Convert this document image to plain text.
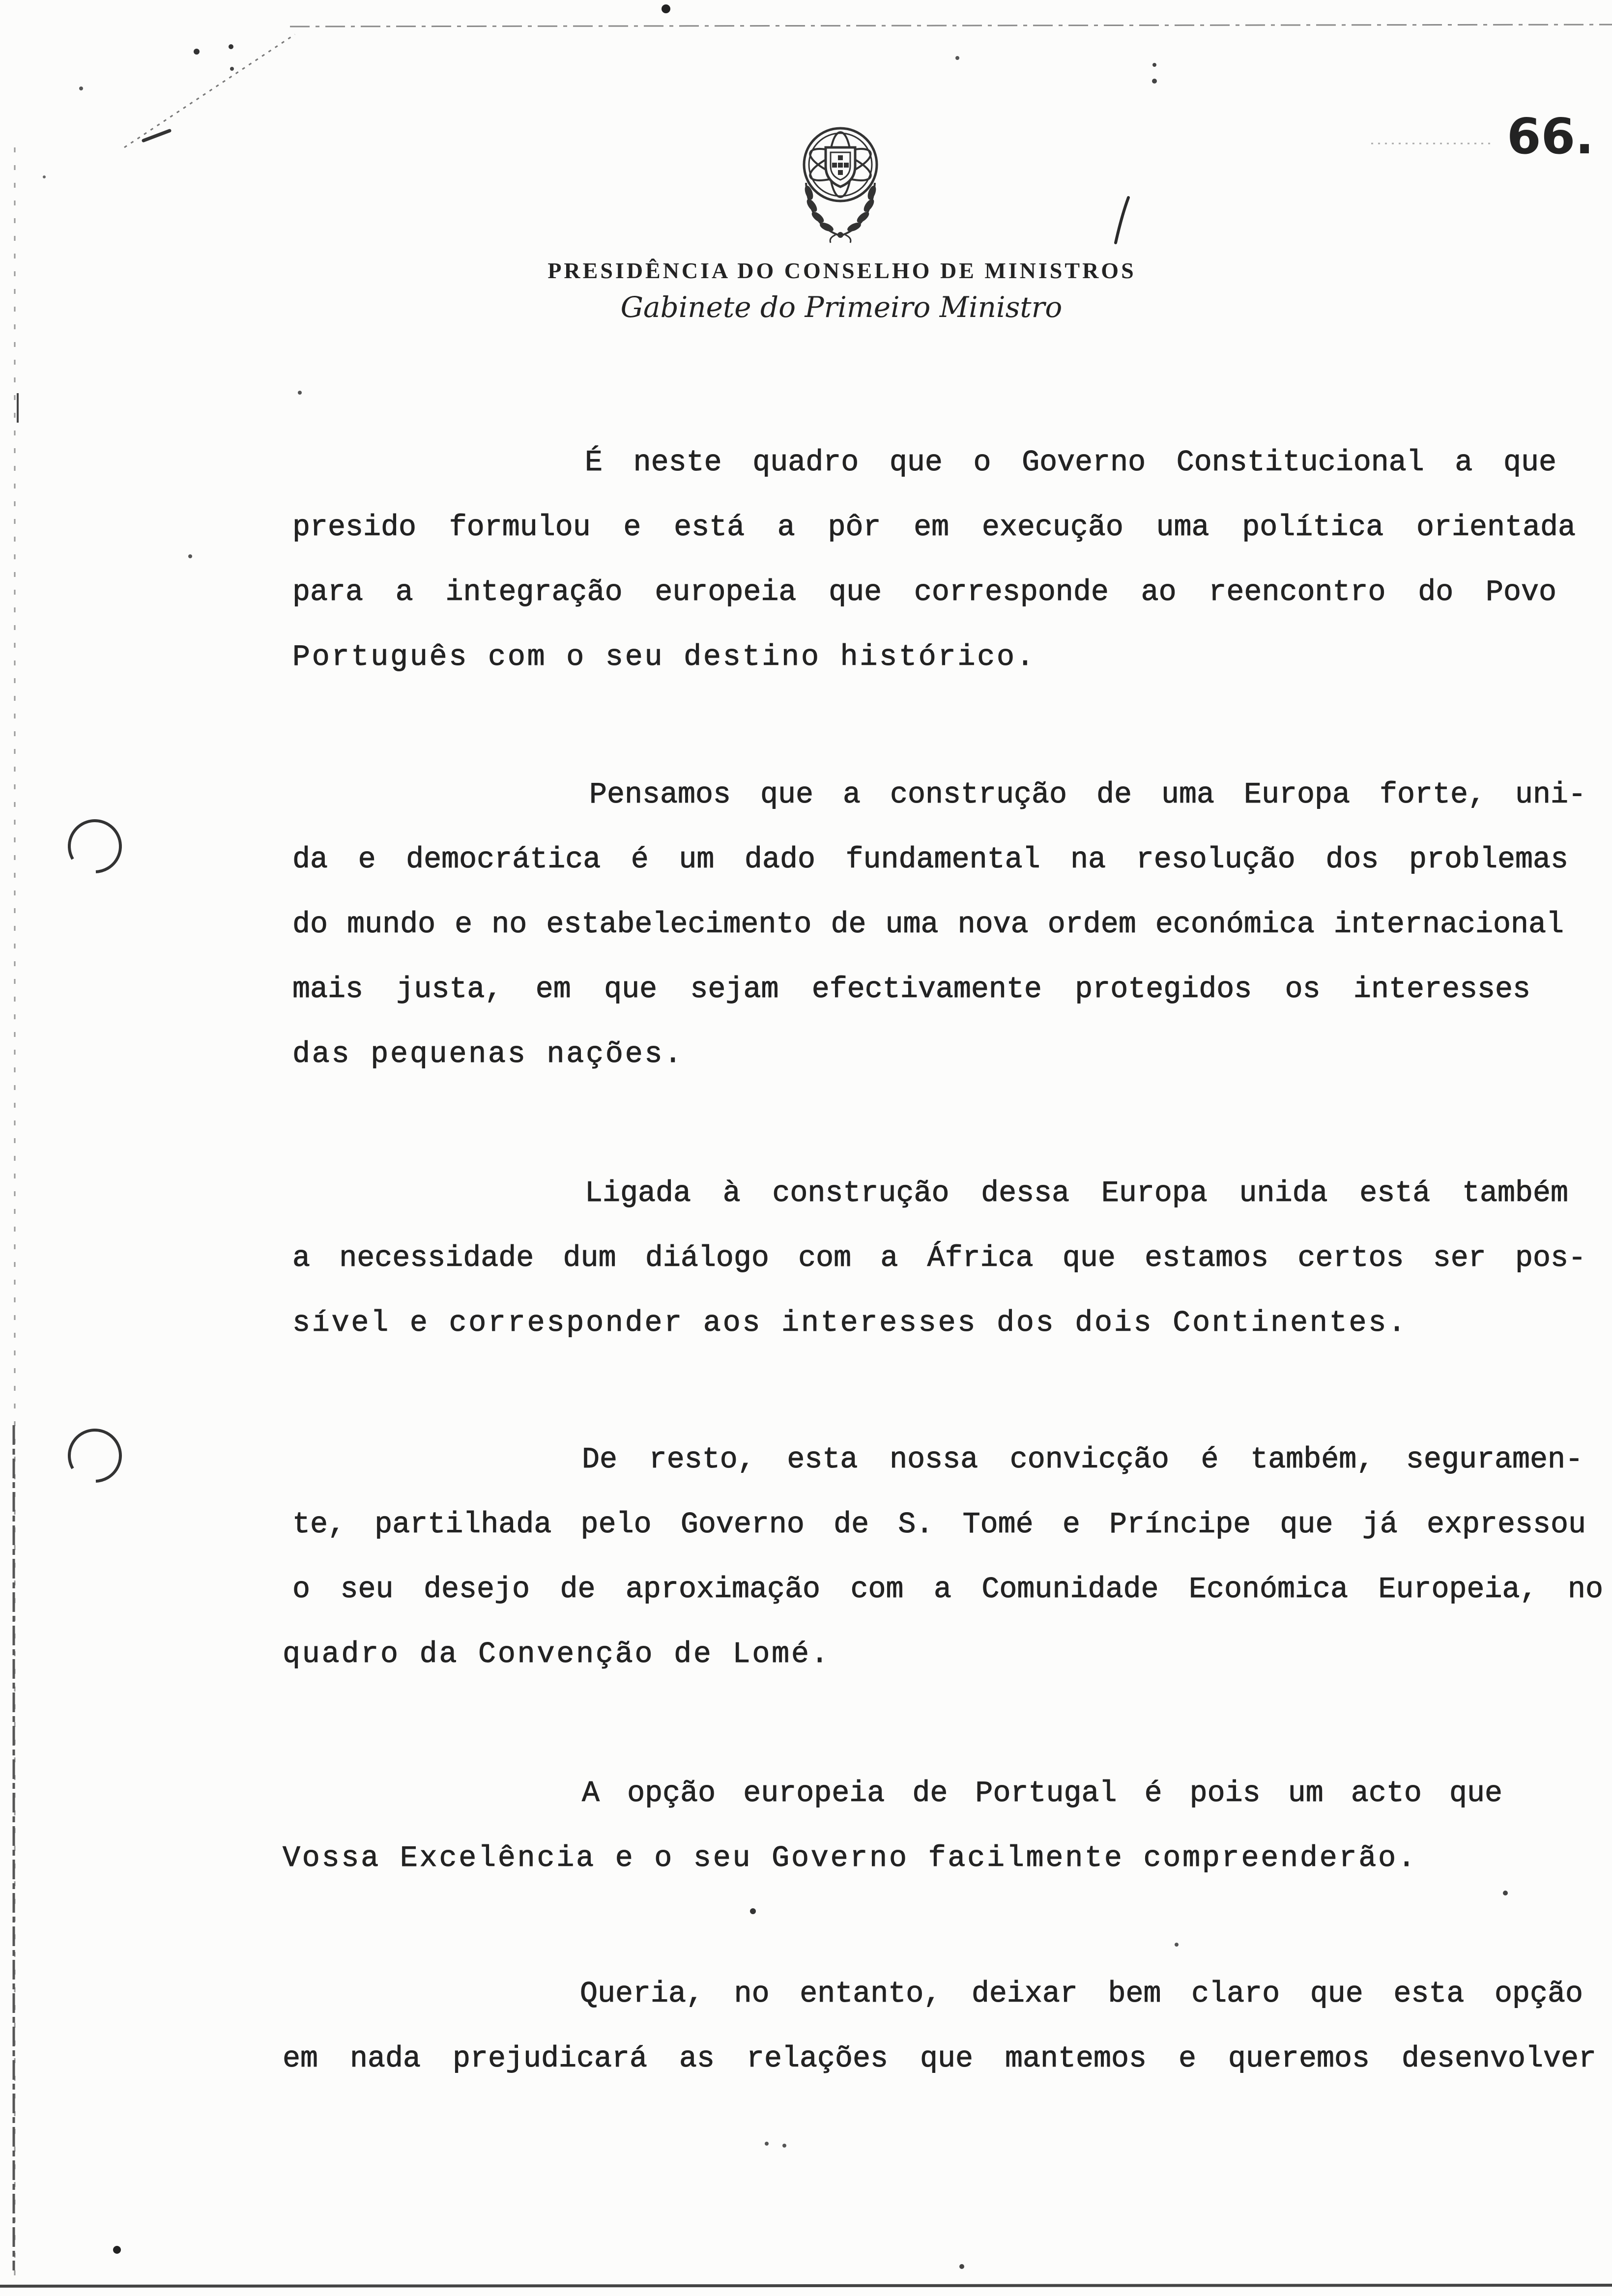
66.
PRESIDÊNCIA DO CONSELHO DE MINISTROS
Gabinete do Primeiro Ministro
É neste quadro que o Governo Constitucional a que
presido formulou e está a pôr em execução uma política orientada
para a integração europeia que corresponde ao reencontro do Povo
Português com o seu destino histórico.
Pensamos que a construção de uma Europa forte, uni-
da e democrática é um dado fundamental na resolução dos problemas
do mundo e no estabelecimento de uma nova ordem económica internacional
mais justa, em que sejam efectivamente protegidos os interesses
das pequenas nações.
Ligada à construção dessa Europa unida está também
a necessidade dum diálogo com a África que estamos certos ser pos-
sível e corresponder aos interesses dos dois Continentes.
De resto, esta nossa convicção é também, seguramen-
te, partilhada pelo Governo de S. Tomé e Príncipe que já expressou
o seu desejo de aproximação com a Comunidade Económica Europeia, no
quadro da Convenção de Lomé.
A opção europeia de Portugal é pois um acto que
Vossa Excelência e o seu Governo facilmente compreenderão.
Queria, no entanto, deixar bem claro que esta opção
em nada prejudicará as relações que mantemos e queremos desenvolver
